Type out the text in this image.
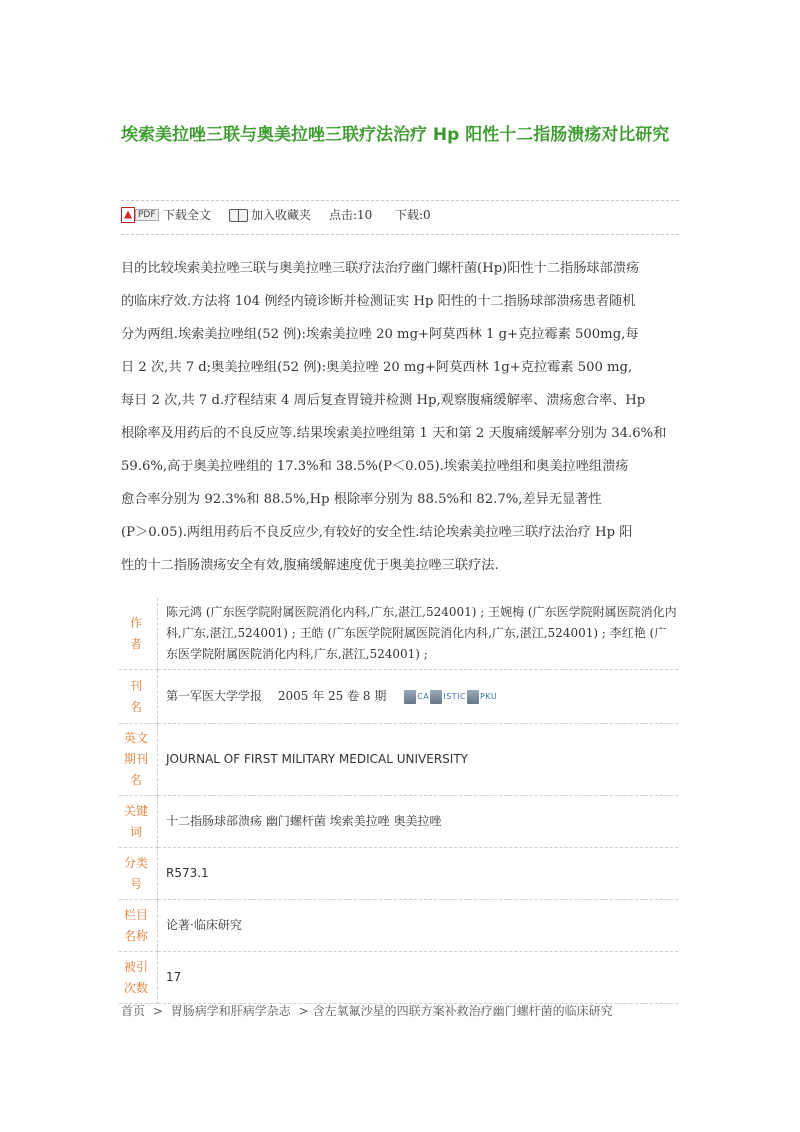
埃索美拉唑三联与奥美拉唑三联疗法治疗 Hp 阳性十二指肠溃疡对比研究
PDF 下载全文	加入收藏夹 点击:10 下载:0
目的比较埃索美拉唑三联与奥美拉唑三联疗法治疗幽门螺杆菌(Hp)阳性十二指肠球部溃疡
的临床疗效.方法将 104 例经内镜诊断并检测证实 Hp 阳性的十二指肠球部溃疡患者随机
分为两组.埃索美拉唑组(52 例):埃索美拉唑 20 mg+阿莫西林 1 g+克拉霉素 500mg,每
日 2 次,共 7 d;奥美拉唑组(52 例):奥美拉唑 20 mg+阿莫西林 1g+克拉霉素 500 mg,
每日 2 次,共 7 d.疗程结束 4 周后复查胃镜并检测 Hp,观察腹痛缓解率、溃疡愈合率、Hp
根除率及用药后的不良反应等.结果埃索美拉唑组第 1 天和第 2 天腹痛缓解率分别为 34.6%和
59.6%,高于奥美拉唑组的 17.3%和 38.5%(P＜0.05).埃索美拉唑组和奥美拉唑组溃疡
愈合率分别为 92.3%和 88.5%,Hp 根除率分别为 88.5%和 82.7%,差异无显著性
(P＞0.05).两组用药后不良反应少,有较好的安全性.结论埃索美拉唑三联疗法治疗 Hp 阳
性的十二指肠溃疡安全有效,腹痛缓解速度优于奥美拉唑三联疗法.
作
者	陈元鸿 (广东医学院附属医院消化内科,广东,湛江,524001) ; 王婉梅 (广东医学院附属医院消化内科,广东,湛江,524001) ; 王皓 (广东医学院附属医院消化内科,广东,湛江,524001) ; 李红艳 (广东医学院附属医院消化内科,广东,湛江,524001) ;
刊
名	第一军医大学学报 2005 年 25 卷 8 期 CA ISTIC PKU

英文
期刊
名	JOURNAL OF FIRST MILITARY MEDICAL UNIVERSITY
关键
词	十二指肠球部溃疡 幽门螺杆菌 埃索美拉唑 奥美拉唑
分类
号	R573.1
栏目
名称	论著·临床研究
被引
次数	17
首页 > 胃肠病学和肝病学杂志 > 含左氧氟沙星的四联方案补救治疗幽门螺杆菌的临床研究
